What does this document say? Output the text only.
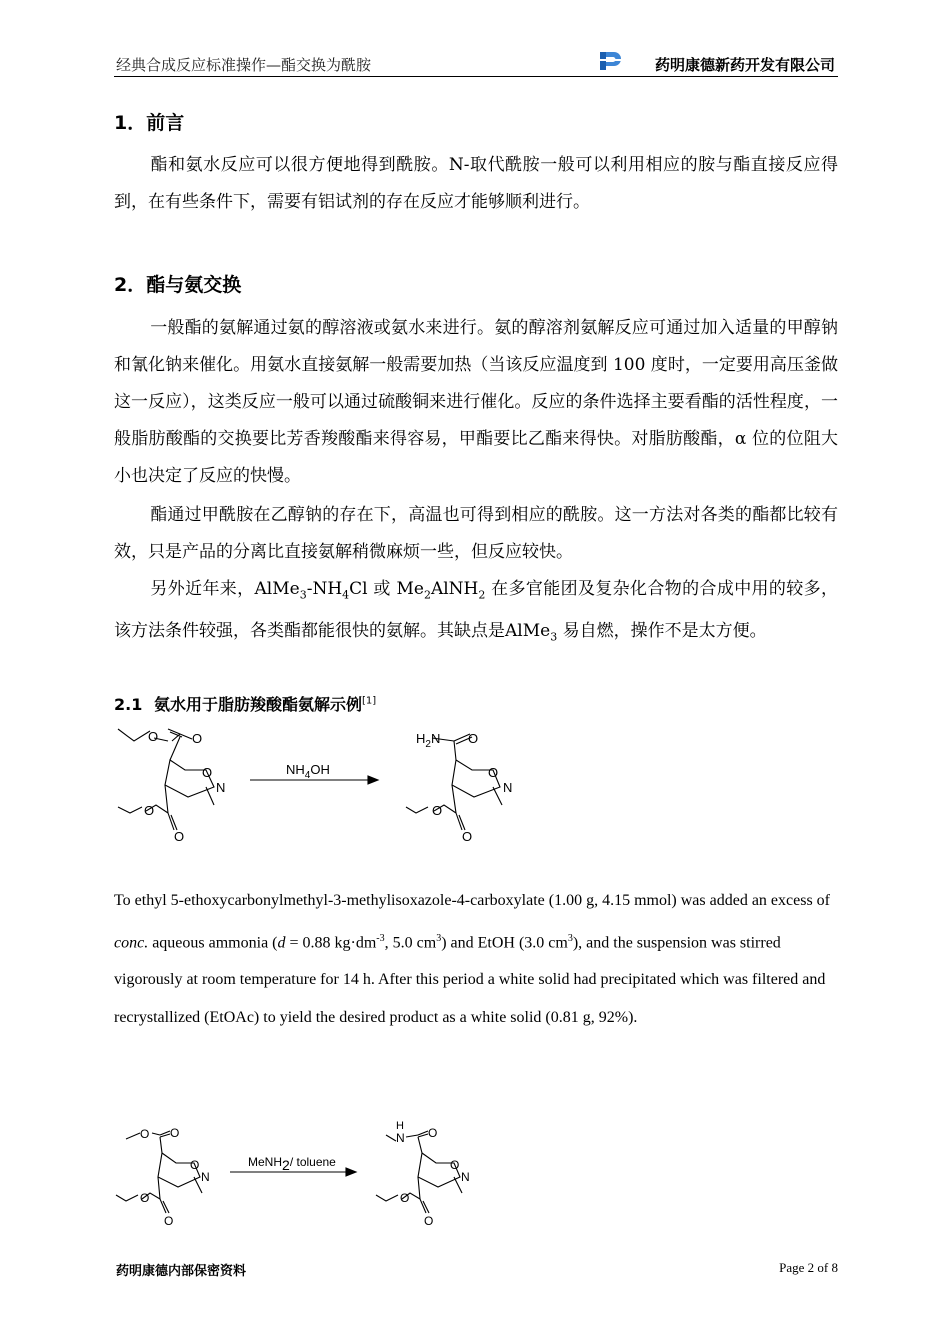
经典合成反应标准操作—酯交换为酰胺	药明康德新药开发有限公司
1．前言
酯和氨水反应可以很方便地得到酰胺。N-取代酰胺一般可以利用相应的胺与酯直接反应得到，在有些条件下，需要有铝试剂的存在反应才能够顺利进行。
2．酯与氨交换
一般酯的氨解通过氨的醇溶液或氨水来进行。氨的醇溶剂氨解反应可通过加入适量的甲醇钠和氰化钠来催化。用氨水直接氨解一般需要加热（当该反应温度到 100 度时，一定要用高压釜做这一反应），这类反应一般可以通过硫酸铜来进行催化。反应的条件选择主要看酯的活性程度，一般脂肪酸酯的交换要比芳香羧酸酯来得容易，甲酯要比乙酯来得快。对脂肪酸酯，α 位的位阻大小也决定了反应的快慢。
酯通过甲酰胺在乙醇钠的存在下，高温也可得到相应的酰胺。这一方法对各类的酯都比较有效，只是产品的分离比直接氨解稍微麻烦一些，但反应较快。
另外近年来，$AlMe_3-NH_4Cl$ 或 $Me_2AlNH_2$ 在多官能团及复杂化合物的合成中用的较多，该方法条件较强，各类酯都能很快的氨解。其缺点是AlMe$_3$ 易自燃，操作不是太方便。
2.1 氨水用于脂肪羧酸酯氨解示例[1]
O	O
O
N
O
O
$NH_4OH$
$H_2N$ O
O
N
O
O
To ethyl 5-ethoxycarbonylmethyl-3-methylisoxazole-4-carboxylate (1.00 g, 4.15 mmol) was added an excess of conc. aqueous ammonia (d = 0.88 $kg\cdot dm^{-3}$, 5.0 $cm^3$) and EtOH (3.0 $cm^3$), and the suspension was stirred vigorously at room temperature for 14 h. After this period a white solid had precipitated which was filtered and recrystallized (EtOAc) to yield the desired product as a white solid (0.81 g, 92%).
O O
O
N
O
O
MeNH2/ toluene
H
N O
O
N
O
O
药明康德内部保密资料	Page 2 of 8
